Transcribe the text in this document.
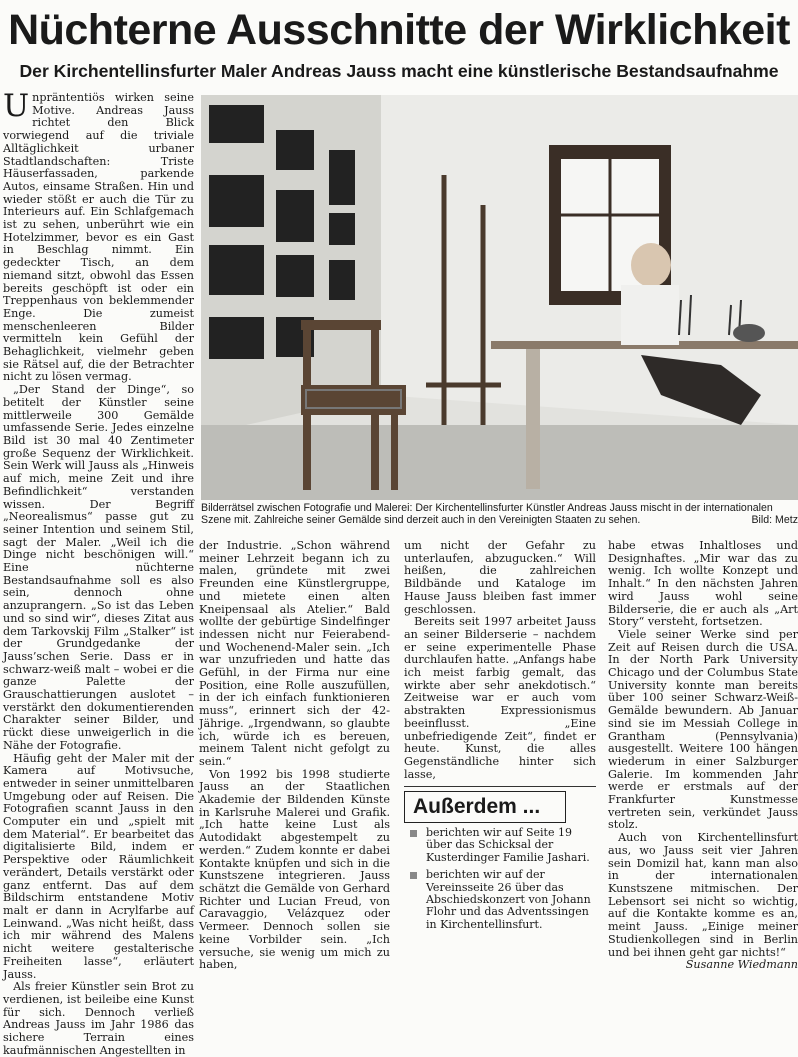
Nüchterne Ausschnitte der Wirklichkeit
Der Kirchentellinsfurter Maler Andreas Jauss macht eine künstlerische Bestandsaufnahme

Unpräntentiös wirken seine Motive. Andreas Jauss richtet den Blick vorwiegend auf die triviale Alltäglichkeit urbaner Stadtlandschaften: Triste Häuserfassaden, parkende Autos, einsame Straßen. Hin und wieder stößt er auch die Tür zu Interieurs auf. Ein Schlafgemach ist zu sehen, unberührt wie ein Hotelzimmer, bevor es ein Gast in Beschlag nimmt. Ein gedeckter Tisch, an dem niemand sitzt, obwohl das Essen bereits geschöpft ist oder ein Treppenhaus von beklemmender Enge. Die zumeist menschenleeren Bilder vermitteln kein Gefühl der Behaglichkeit, vielmehr geben sie Rätsel auf, die der Betrachter nicht zu lösen vermag.

„Der Stand der Dinge“, so betitelt der Künstler seine mittlerweile 300 Gemälde umfassende Serie. Jedes einzelne Bild ist 30 mal 40 Zentimeter große Sequenz der Wirklichkeit. Sein Werk will Jauss als „Hinweis auf mich, meine Zeit und ihre Befindlichkeit“ verstanden wissen. Der Begriff „Neorealismus“ passe gut zu seiner Intention und seinem Stil, sagt der Maler. „Weil ich die Dinge nicht beschönigen will.“ Eine nüchterne Bestandsaufnahme soll es also sein, dennoch ohne anzuprangern. „So ist das Leben und so sind wir“, dieses Zitat aus dem Tarkovskij Film „Stalker“ ist der Grundgedanke der Jauss’schen Serie. Dass er in schwarz-weiß malt – wobei er die ganze Palette der Grauschattierungen auslotet – verstärkt den dokumentierenden Charakter seiner Bilder, und rückt diese unweigerlich in die Nähe der Fotografie.

Häufig geht der Maler mit der Kamera auf Motivsuche, entweder in seiner unmittelbaren Umgebung oder auf Reisen. Die Fotografien scannt Jauss in den Computer ein und „spielt mit dem Material“. Er bearbeitet das digitalisierte Bild, indem er Perspektive oder Räumlichkeit verändert, Details verstärkt oder ganz entfernt. Das auf dem Bildschirm entstandene Motiv malt er dann in Acrylfarbe auf Leinwand. „Was nicht heißt, dass ich mir während des Malens nicht weitere gestalterische Freiheiten lasse“, erläutert Jauss.

Als freier Künstler sein Brot zu verdienen, ist beileibe eine Kunst für sich. Dennoch verließ Andreas Jauss im Jahr 1986 das sichere Terrain eines kaufmännischen Angestellten in

Bilderrätsel zwischen Fotografie und Malerei: Der Kirchentellinsfurter Künstler Andreas Jauss mischt in der internationalen Szene mit. Zahlreiche seiner Gemälde sind derzeit auch in den Vereinigten Staaten zu sehen.	Bild: Metz

der Industrie. „Schon während meiner Lehrzeit begann ich zu malen, gründete mit zwei Freunden eine Künstlergruppe, und mietete einen alten Kneipensaal als Atelier.“ Bald wollte der gebürtige Sindelfinger indessen nicht nur Feierabend- und Wochenend-Maler sein. „Ich war unzufrieden und hatte das Gefühl, in der Firma nur eine Position, eine Rolle auszufüllen, in der ich einfach funktionieren muss“, erinnert sich der 42-Jährige. „Irgendwann, so glaubte ich, würde ich es bereuen, meinem Talent nicht gefolgt zu sein.“

Von 1992 bis 1998 studierte Jauss an der Staatlichen Akademie der Bildenden Künste in Karlsruhe Malerei und Grafik. „Ich hatte keine Lust als Autodidakt abgestempelt zu werden.“ Zudem konnte er dabei Kontakte knüpfen und sich in die Kunstszene integrieren. Jauss schätzt die Gemälde von Gerhard Richter und Lucian Freud, von Caravaggio, Velázquez oder Vermeer. Dennoch sollen sie keine Vorbilder sein. „Ich versuche, sie wenig um mich zu haben,

um nicht der Gefahr zu unterlaufen, abzugucken.“ Will heißen, die zahlreichen Bildbände und Kataloge im Hause Jauss bleiben fast immer geschlossen.

Bereits seit 1997 arbeitet Jauss an seiner Bilderserie – nachdem er seine experimentelle Phase durchlaufen hatte. „Anfangs habe ich meist farbig gemalt, das wirkte aber sehr anekdotisch.“ Zeitweise war er auch vom abstrakten Expressionismus beeinflusst. „Eine unbefriedigende Zeit“, findet er heute. Kunst, die alles Gegenständliche hinter sich lasse,

Außerdem ...
berichten wir auf Seite 19 über das Schicksal der Kusterdinger Familie Jashari.
berichten wir auf der Vereinsseite 26 über das Abschiedskonzert von Johann Flohr und das Adventssingen in Kirchentellinsfurt.

habe etwas Inhaltloses und Designhaftes. „Mir war das zu wenig. Ich wollte Konzept und Inhalt.“ In den nächsten Jahren wird Jauss wohl seine Bilderserie, die er auch als „Art Story“ versteht, fortsetzen.

Viele seiner Werke sind per Zeit auf Reisen durch die USA. In der North Park University Chicago und der Columbus State University konnte man bereits über 100 seiner Schwarz-Weiß-Gemälde bewundern. Ab Januar sind sie im Messiah College in Grantham (Pennsylvania) ausgestellt. Weitere 100 hängen wiederum in einer Salzburger Galerie. Im kommenden Jahr werde er erstmals auf der Frankfurter Kunstmesse vertreten sein, verkündet Jauss stolz.

Auch von Kirchentellinsfurt aus, wo Jauss seit vier Jahren sein Domizil hat, kann man also in der internationalen Kunstszene mitmischen. Der Lebensort sei nicht so wichtig, auf die Kontakte komme es an, meint Jauss. „Einige meiner Studienkollegen sind in Berlin und bei ihnen geht gar nichts!“

Susanne Wiedmann
